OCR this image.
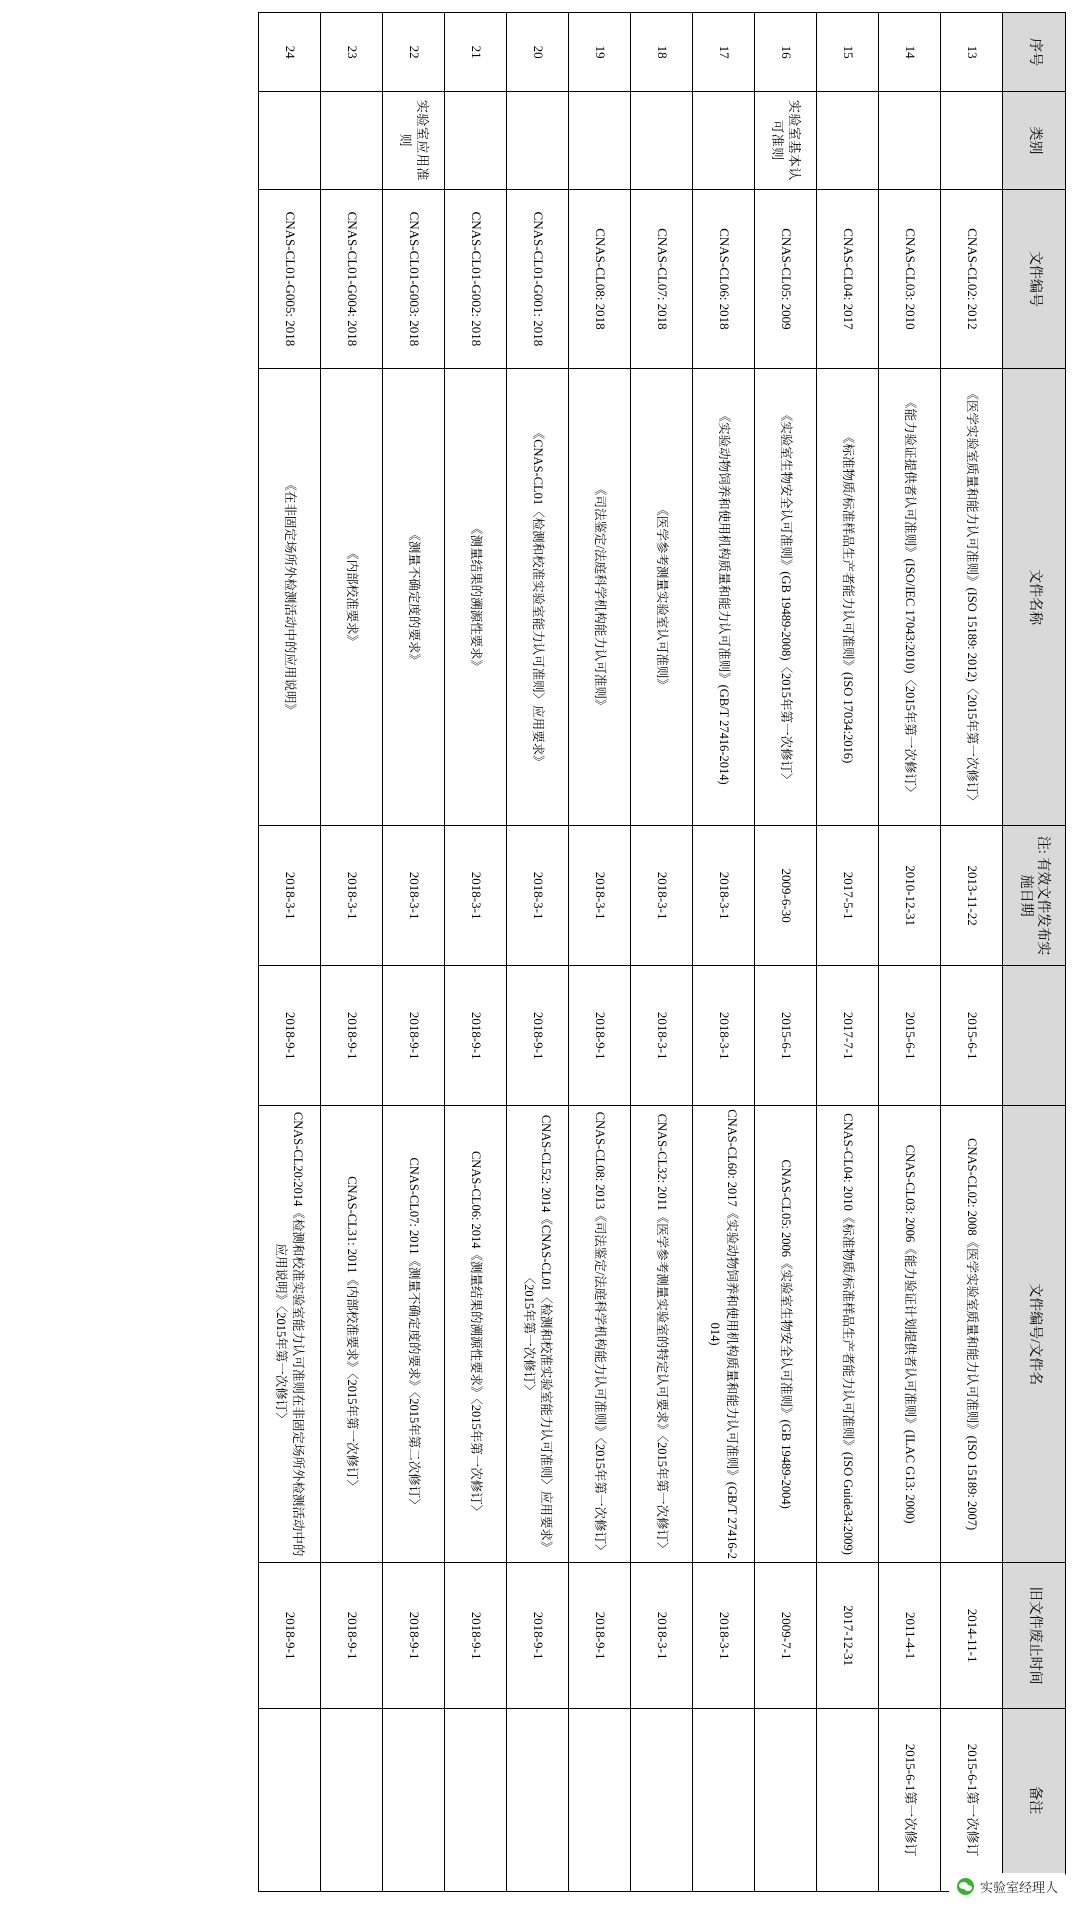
序号	类别	文件编号	文件名称	注: 有效文件发布实施日期		文件编号/文件名	旧文件废止时间	备注
13		CNAS-CL02: 2012	《医学实验室质量和能力认可准则》(ISO 15189: 2012)〈2015年第一次修订〉	2013-11-22	2015-6-1	CNAS-CL02: 2008《医学实验室质量和能力认可准则》(ISO 15189: 2007)	2014-11-1	2015-6-1第一次修订
14		CNAS-CL03: 2010	《能力验证提供者认可准则》(ISO/IEC 17043:2010)〈2015年第一次修订〉	2010-12-31	2015-6-1	CNAS-CL03: 2006《能力验证计划提供者认可准则》(ILAC G13: 2000)	2011-4-1	2015-6-1第一次修订
15		CNAS-CL04: 2017	《标准物质/标准样品生产者能力认可准则》(ISO 17034:2016)	2017-5-1	2017-7-1	CNAS-CL04: 2010《标准物质/标准样品生产者能力认可准则》(ISO Guide34:2009)	2017-12-31	
16	实验室基本认可准则	CNAS-CL05: 2009	《实验室生物安全认可准则》(GB 19489-2008)〈2015年第一次修订〉	2009-6-30	2015-6-1	CNAS-CL05: 2006《实验室生物安全认可准则》(GB 19489-2004)	2009-7-1	
17		CNAS-CL06: 2018	《实验动物饲养和使用机构质量和能力认可准则》(GB/T 27416-2014)	2018-3-1	2018-3-1	CNAS-CL60: 2017《实验动物饲养和使用机构质量和能力认可准则》(GB/T 27416-2014)	2018-3-1	
18		CNAS-CL07: 2018	《医学参考测量实验室认可准则》	2018-3-1	2018-3-1	CNAS-CL32: 2011《医学参考测量实验室的特定认可要求》〈2015年第一次修订〉	2018-3-1	
19		CNAS-CL08: 2018	《司法鉴定/法庭科学机构能力认可准则》	2018-3-1	2018-9-1	CNAS-CL08: 2013《司法鉴定/法庭科学机构能力认可准则》〈2015年第一次修订〉	2018-9-1	
20		CNAS-CL01-G001: 2018	《CNAS-CL01〈检测和校准实验室能力认可准则〉应用要求》	2018-3-1	2018-9-1	CNAS-CL52: 2014《CNAS-CL01〈检测和校准实验室能力认可准则〉应用要求》〈2015年第一次修订〉	2018-9-1	
21		CNAS-CL01-G002: 2018	《测量结果的溯源性要求》	2018-3-1	2018-9-1	CNAS-CL06: 2014《测量结果的溯源性要求》〈2015年第一次修订〉	2018-9-1	
22	实验室应用准则	CNAS-CL01-G003: 2018	《测量不确定度的要求》	2018-3-1	2018-9-1	CNAS-CL07: 2011《测量不确定度的要求》〈2015年第二次修订〉	2018-9-1	
23		CNAS-CL01-G004: 2018	《内部校准要求》	2018-3-1	2018-9-1	CNAS-CL31: 2011《内部校准要求》〈2015年第一次修订〉	2018-9-1	
24		CNAS-CL01-G005: 2018	《在非固定场所外检测活动中的应用说明》	2018-3-1	2018-9-1	CNAS-CL20:2014《检测和校准实验室能力认可准则在非固定场所外检测活动中的应用说明》〈2015年第一次修订〉	2018-9-1	
实验室经理人
